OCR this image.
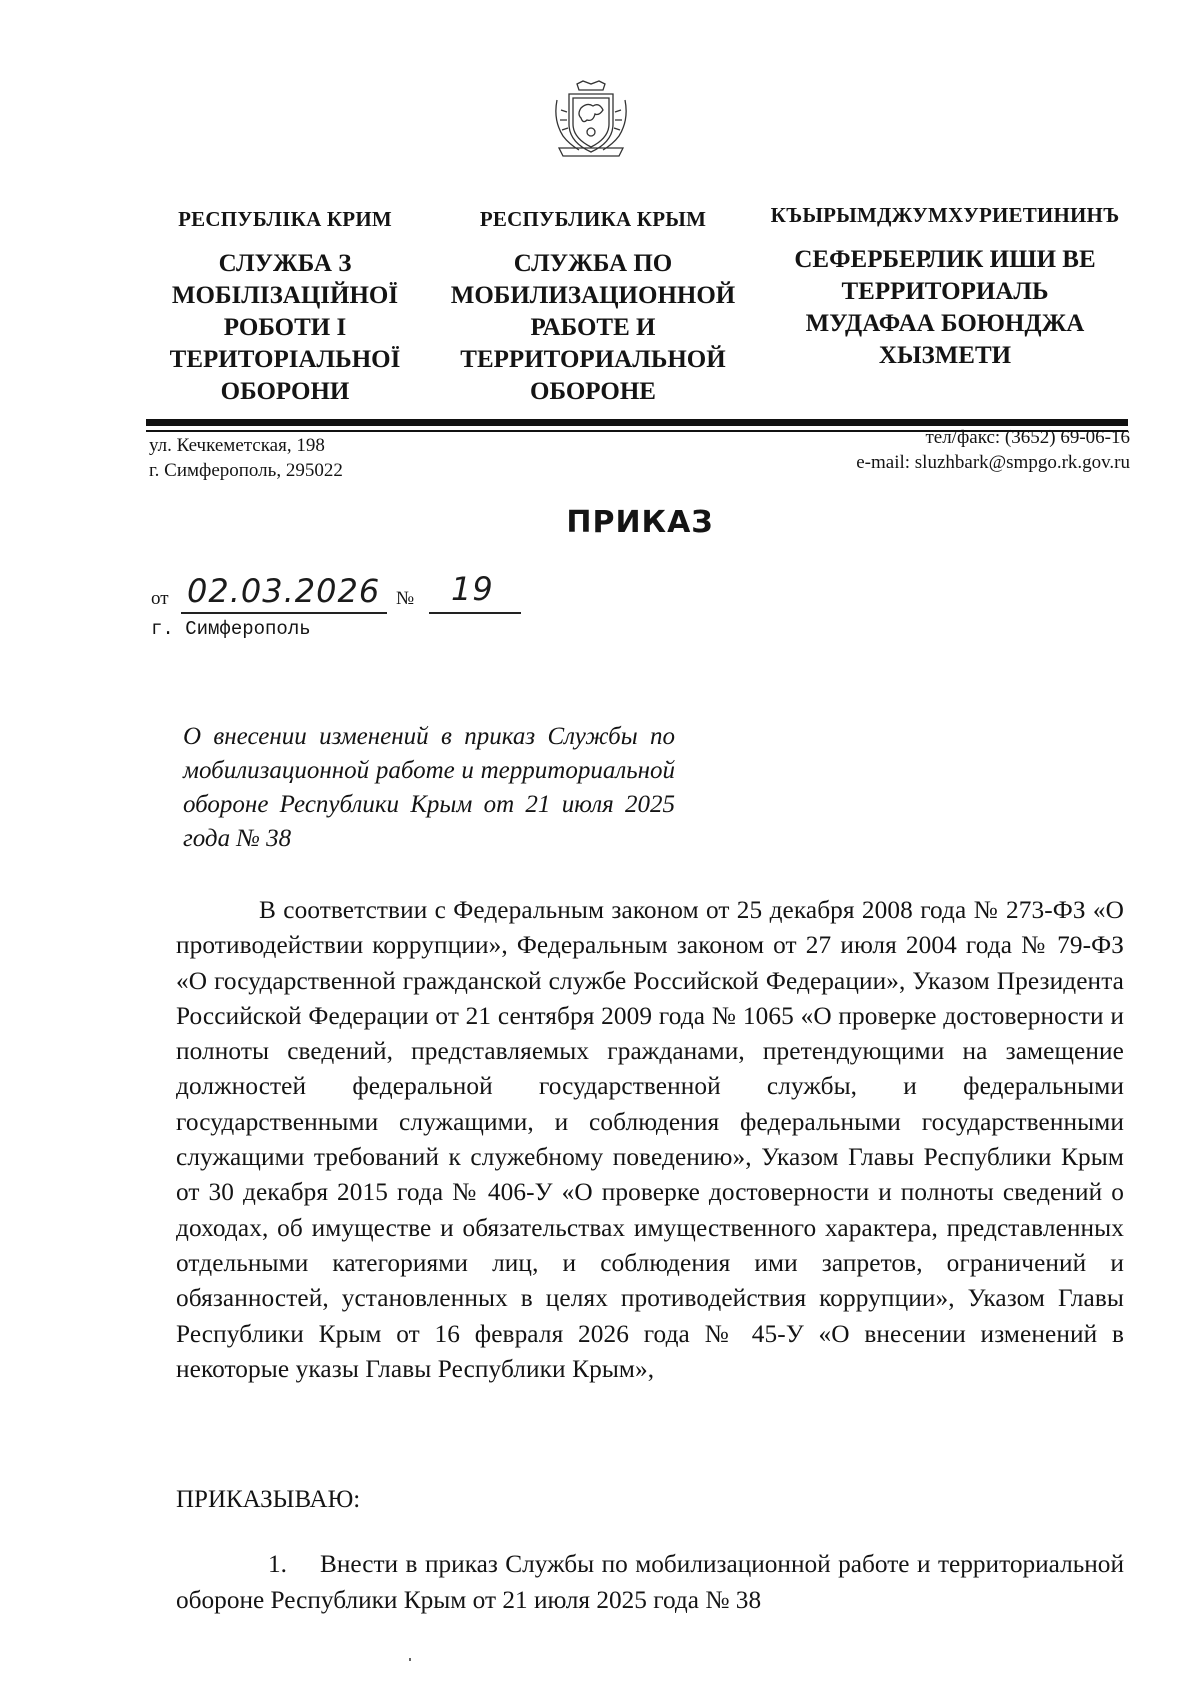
РЕСПУБЛІКА КРИМ
СЛУЖБА З
МОБІЛІЗАЦІЙНОЇ
РОБОТИ І
ТЕРИТОРІАЛЬНОЇ
ОБОРОНИ
РЕСПУБЛИКА КРЫМ
СЛУЖБА ПО
МОБИЛИЗАЦИОННОЙ
РАБОТЕ И
ТЕРРИТОРИАЛЬНОЙ
ОБОРОНЕ
КЪЫРЫМДЖУМХУРИЕТИНИНЪ
СЕФЕРБЕРЛИК ИШИ ВЕ
ТЕРРИТОРИАЛЬ
МУДАФАА БОЮНДЖА
ХЫЗМЕТИ
ул. Кечкеметская, 198
г. Симферополь, 295022
тел/факс: (3652) 69-06-16
e-mail: sluzhbark@smpgo.rk.gov.ru
ПРИКАЗ
от 02.03.2026 № 19
г. Симферополь
О внесении изменений в приказ Службы по мобилизационной работе и территориальной обороне Республики Крым от 21 июля 2025 года № 38

В соответствии с Федеральным законом от 25 декабря 2008 года № 273-ФЗ «О противодействии коррупции», Федеральным законом от 27 июля 2004 года № 79-ФЗ «О государственной гражданской службе Российской Федерации», Указом Президента Российской Федерации от 21 сентября 2009 года № 1065 «О проверке достоверности и полноты сведений, представляемых гражданами, претендующими на замещение должностей федеральной государственной службы, и федеральными государственными служащими, и соблюдения федеральными государственными служащими требований к служебному поведению», Указом Главы Республики Крым от 30 декабря 2015 года № 406-У «О проверке достоверности и полноты сведений о доходах, об имуществе и обязательствах имущественного характера, представленных отдельными категориями лиц, и соблюдения ими запретов, ограничений и обязанностей, установленных в целях противодействия коррупции», Указом Главы Республики Крым от 16 февраля 2026 года № 45-У «О внесении изменений в некоторые указы Главы Республики Крым»,

ПРИКАЗЫВАЮ:
1. Внести в приказ Службы по мобилизационной работе и территориальной обороне Республики Крым от 21 июля 2025 года № 38
